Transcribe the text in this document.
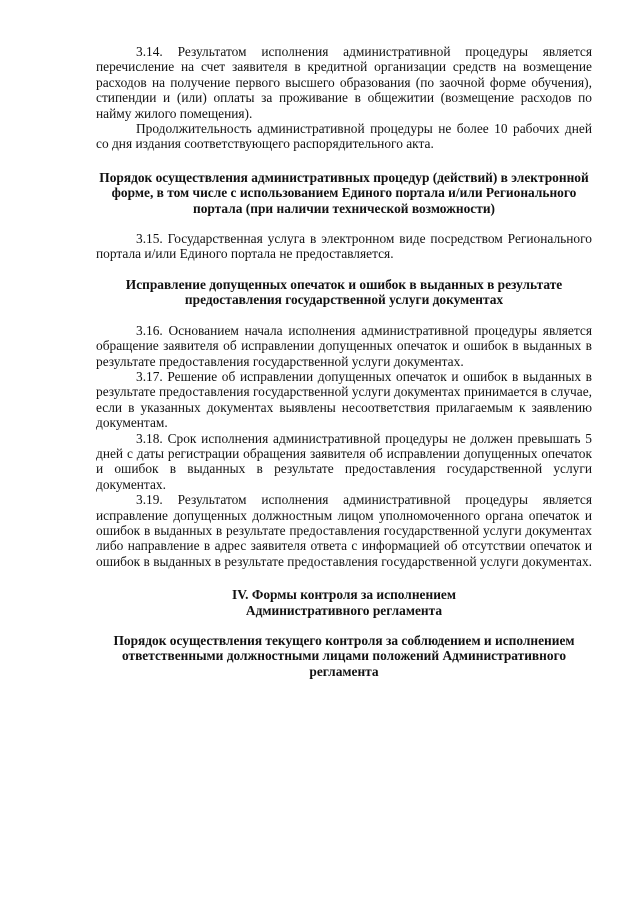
3.14. Результатом исполнения административной процедуры является перечисление на счет заявителя в кредитной организации средств на возмещение расходов на получение первого высшего образования (по заочной форме обучения), стипендии и (или) оплаты за проживание в общежитии (возмещение расходов по найму жилого помещения).

Продолжительность административной процедуры не более 10 рабочих дней со дня издания соответствующего распорядительного акта.

Порядок осуществления административных процедур (действий) в электронной форме, в том числе с использованием Единого портала и/или Регионального портала (при наличии технической возможности)

3.15. Государственная услуга в электронном виде посредством Регионального портала и/или Единого портала не предоставляется.

Исправление допущенных опечаток и ошибок в выданных в результате предоставления государственной услуги документах

3.16. Основанием начала исполнения административной процедуры является обращение заявителя об исправлении допущенных опечаток и ошибок в выданных в результате предоставления государственной услуги документах.

3.17. Решение об исправлении допущенных опечаток и ошибок в выданных в результате предоставления государственной услуги документах принимается в случае, если в указанных документах выявлены несоответствия прилагаемым к заявлению документам.

3.18. Срок исполнения административной процедуры не должен превышать 5 дней с даты регистрации обращения заявителя об исправлении допущенных опечаток и ошибок в выданных в результате предоставления государственной услуги документах.

3.19. Результатом исполнения административной процедуры является исправление допущенных должностным лицом уполномоченного органа опечаток и ошибок в выданных в результате предоставления государственной услуги документах либо направление в адрес заявителя ответа с информацией об отсутствии опечаток и ошибок в выданных в результате предоставления государственной услуги документах.

IV. Формы контроля за исполнением

Административного регламента

Порядок осуществления текущего контроля за соблюдением и исполнением ответственными должностными лицами положений Административного регламента
